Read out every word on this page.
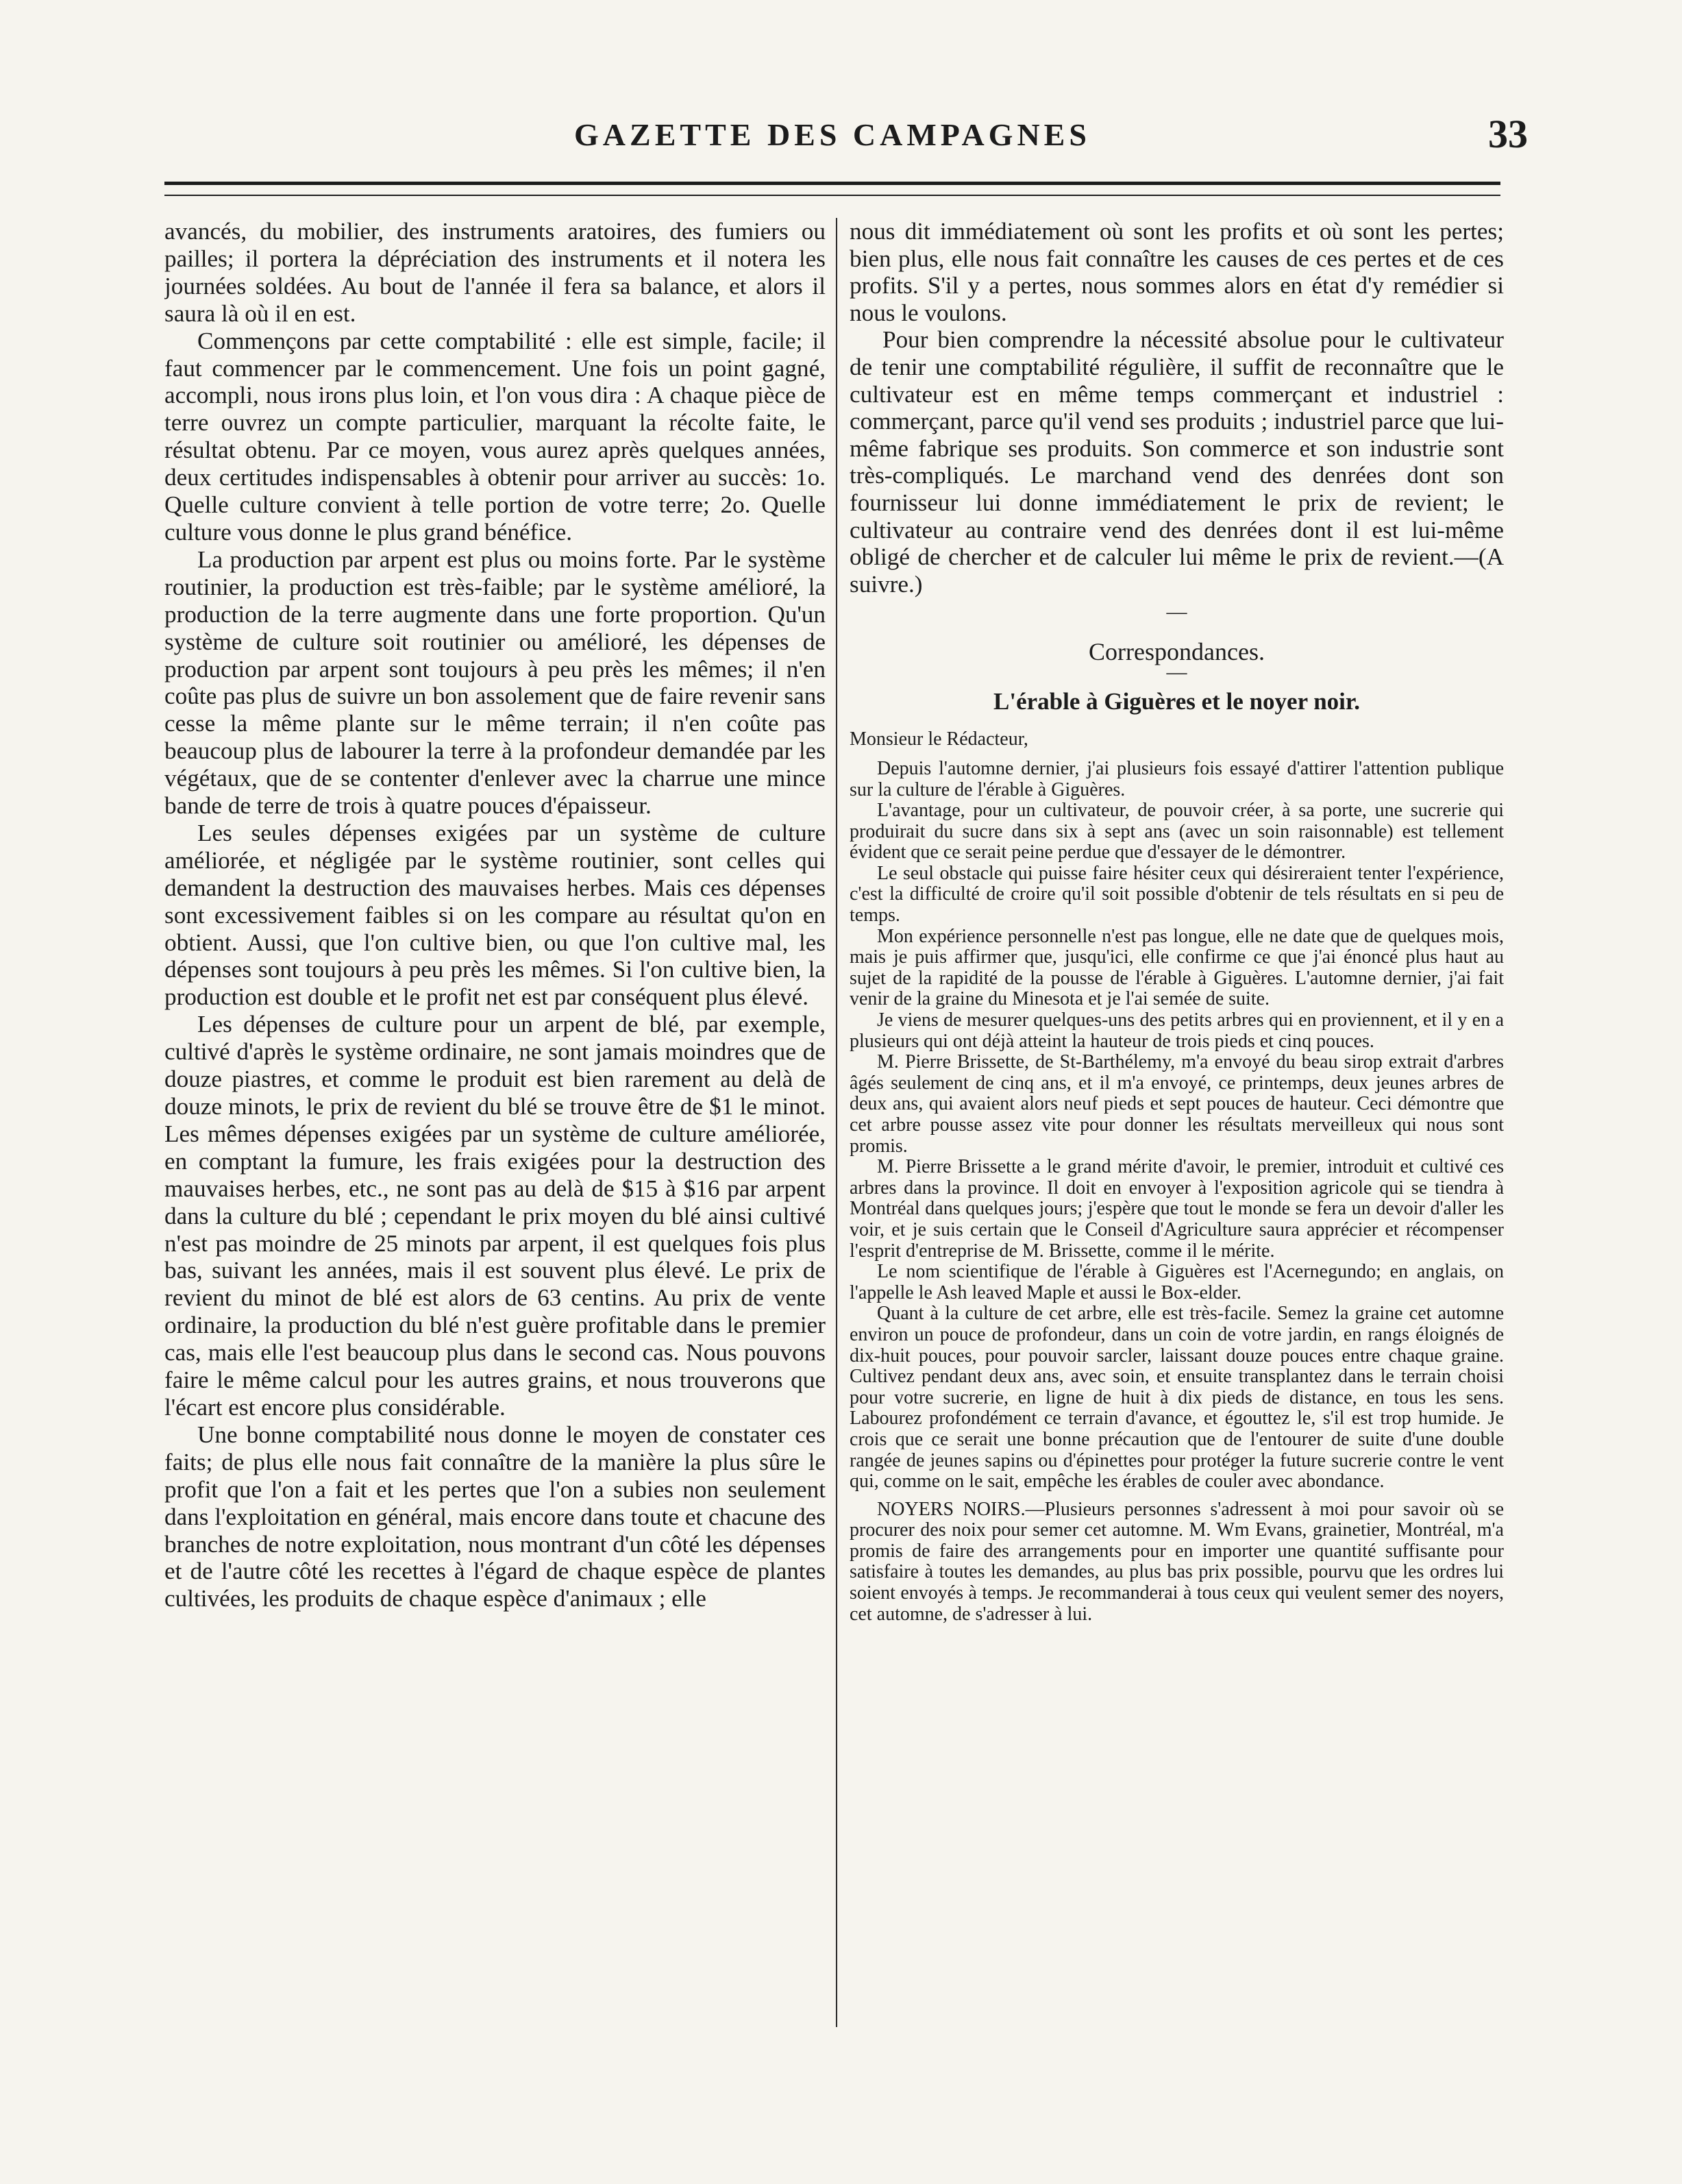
GAZETTE DES CAMPAGNES	33

avancés, du mobilier, des instruments aratoires, des fumiers ou pailles; il portera la dépréciation des instruments et il notera les journées soldées. Au bout de l'année il fera sa balance, et alors il saura là où il en est.

Commençons par cette comptabilité : elle est simple, facile; il faut commencer par le commencement. Une fois un point gagné, accompli, nous irons plus loin, et l'on vous dira : A chaque pièce de terre ouvrez un compte particulier, marquant la récolte faite, le résultat obtenu. Par ce moyen, vous aurez après quelques années, deux certitudes indispensables à obtenir pour arriver au succès: 1o. Quelle culture convient à telle portion de votre terre; 2o. Quelle culture vous donne le plus grand bénéfice.

La production par arpent est plus ou moins forte. Par le système routinier, la production est très-faible; par le système amélioré, la production de la terre augmente dans une forte proportion. Qu'un système de culture soit routinier ou amélioré, les dépenses de production par arpent sont toujours à peu près les mêmes; il n'en coûte pas plus de suivre un bon assolement que de faire revenir sans cesse la même plante sur le même terrain; il n'en coûte pas beaucoup plus de labourer la terre à la profondeur demandée par les végétaux, que de se contenter d'enlever avec la charrue une mince bande de terre de trois à quatre pouces d'épaisseur.

Les seules dépenses exigées par un système de culture améliorée, et négligée par le système routinier, sont celles qui demandent la destruction des mauvaises herbes. Mais ces dépenses sont excessivement faibles si on les compare au résultat qu'on en obtient. Aussi, que l'on cultive bien, ou que l'on cultive mal, les dépenses sont toujours à peu près les mêmes. Si l'on cultive bien, la production est double et le profit net est par conséquent plus élevé.

Les dépenses de culture pour un arpent de blé, par exemple, cultivé d'après le système ordinaire, ne sont jamais moindres que de douze piastres, et comme le produit est bien rarement au delà de douze minots, le prix de revient du blé se trouve être de $1 le minot. Les mêmes dépenses exigées par un système de culture améliorée, en comptant la fumure, les frais exigées pour la destruction des mauvaises herbes, etc., ne sont pas au delà de $15 à $16 par arpent dans la culture du blé ; cependant le prix moyen du blé ainsi cultivé n'est pas moindre de 25 minots par arpent, il est quelques fois plus bas, suivant les années, mais il est souvent plus élevé. Le prix de revient du minot de blé est alors de 63 centins. Au prix de vente ordinaire, la production du blé n'est guère profitable dans le premier cas, mais elle l'est beaucoup plus dans le second cas. Nous pouvons faire le même calcul pour les autres grains, et nous trouverons que l'écart est encore plus considérable.

Une bonne comptabilité nous donne le moyen de constater ces faits; de plus elle nous fait connaître de la manière la plus sûre le profit que l'on a fait et les pertes que l'on a subies non seulement dans l'exploitation en général, mais encore dans toute et chacune des branches de notre exploitation, nous montrant d'un côté les dépenses et de l'autre côté les recettes à l'égard de chaque espèce de plantes cultivées, les produits de chaque espèce d'animaux ; elle

nous dit immédiatement où sont les profits et où sont les pertes; bien plus, elle nous fait connaître les causes de ces pertes et de ces profits. S'il y a pertes, nous sommes alors en état d'y remédier si nous le voulons.

Pour bien comprendre la nécessité absolue pour le cultivateur de tenir une comptabilité régulière, il suffit de reconnaître que le cultivateur est en même temps commerçant et industriel : commerçant, parce qu'il vend ses produits ; industriel parce que lui-même fabrique ses produits. Son commerce et son industrie sont très-compliqués. Le marchand vend des denrées dont son fournisseur lui donne immédiatement le prix de revient; le cultivateur au contraire vend des denrées dont il est lui-même obligé de chercher et de calculer lui même le prix de revient.—(A suivre.)

—
Correspondances.
—
L'érable à Giguères et le noyer noir.

Monsieur le Rédacteur,

Depuis l'automne dernier, j'ai plusieurs fois essayé d'attirer l'attention publique sur la culture de l'érable à Giguères.

L'avantage, pour un cultivateur, de pouvoir créer, à sa porte, une sucrerie qui produirait du sucre dans six à sept ans (avec un soin raisonnable) est tellement évident que ce serait peine perdue que d'essayer de le démontrer.

Le seul obstacle qui puisse faire hésiter ceux qui désireraient tenter l'expérience, c'est la difficulté de croire qu'il soit possible d'obtenir de tels résultats en si peu de temps.

Mon expérience personnelle n'est pas longue, elle ne date que de quelques mois, mais je puis affirmer que, jusqu'ici, elle confirme ce que j'ai énoncé plus haut au sujet de la rapidité de la pousse de l'érable à Giguères. L'automne dernier, j'ai fait venir de la graine du Minesota et je l'ai semée de suite.

Je viens de mesurer quelques-uns des petits arbres qui en proviennent, et il y en a plusieurs qui ont déjà atteint la hauteur de trois pieds et cinq pouces.

M. Pierre Brissette, de St-Barthélemy, m'a envoyé du beau sirop extrait d'arbres âgés seulement de cinq ans, et il m'a envoyé, ce printemps, deux jeunes arbres de deux ans, qui avaient alors neuf pieds et sept pouces de hauteur. Ceci démontre que cet arbre pousse assez vite pour donner les résultats merveilleux qui nous sont promis.

M. Pierre Brissette a le grand mérite d'avoir, le premier, introduit et cultivé ces arbres dans la province. Il doit en envoyer à l'exposition agricole qui se tiendra à Montréal dans quelques jours; j'espère que tout le monde se fera un devoir d'aller les voir, et je suis certain que le Conseil d'Agriculture saura apprécier et récompenser l'esprit d'entreprise de M. Brissette, comme il le mérite.

Le nom scientifique de l'érable à Giguères est l'Acernegundo; en anglais, on l'appelle le Ash leaved Maple et aussi le Box-elder.

Quant à la culture de cet arbre, elle est très-facile. Semez la graine cet automne environ un pouce de profondeur, dans un coin de votre jardin, en rangs éloignés de dix-huit pouces, pour pouvoir sarcler, laissant douze pouces entre chaque graine. Cultivez pendant deux ans, avec soin, et ensuite transplantez dans le terrain choisi pour votre sucrerie, en ligne de huit à dix pieds de distance, en tous les sens. Labourez profondément ce terrain d'avance, et égouttez le, s'il est trop humide. Je crois que ce serait une bonne précaution que de l'entourer de suite d'une double rangée de jeunes sapins ou d'épinettes pour protéger la future sucrerie contre le vent qui, comme on le sait, empêche les érables de couler avec abondance.

NOYERS NOIRS.—Plusieurs personnes s'adressent à moi pour savoir où se procurer des noix pour semer cet automne. M. Wm Evans, grainetier, Montréal, m'a promis de faire des arrangements pour en importer une quantité suffisante pour satisfaire à toutes les demandes, au plus bas prix possible, pourvu que les ordres lui soient envoyés à temps. Je recommanderai à tous ceux qui veulent semer des noyers, cet automne, de s'adresser à lui.
